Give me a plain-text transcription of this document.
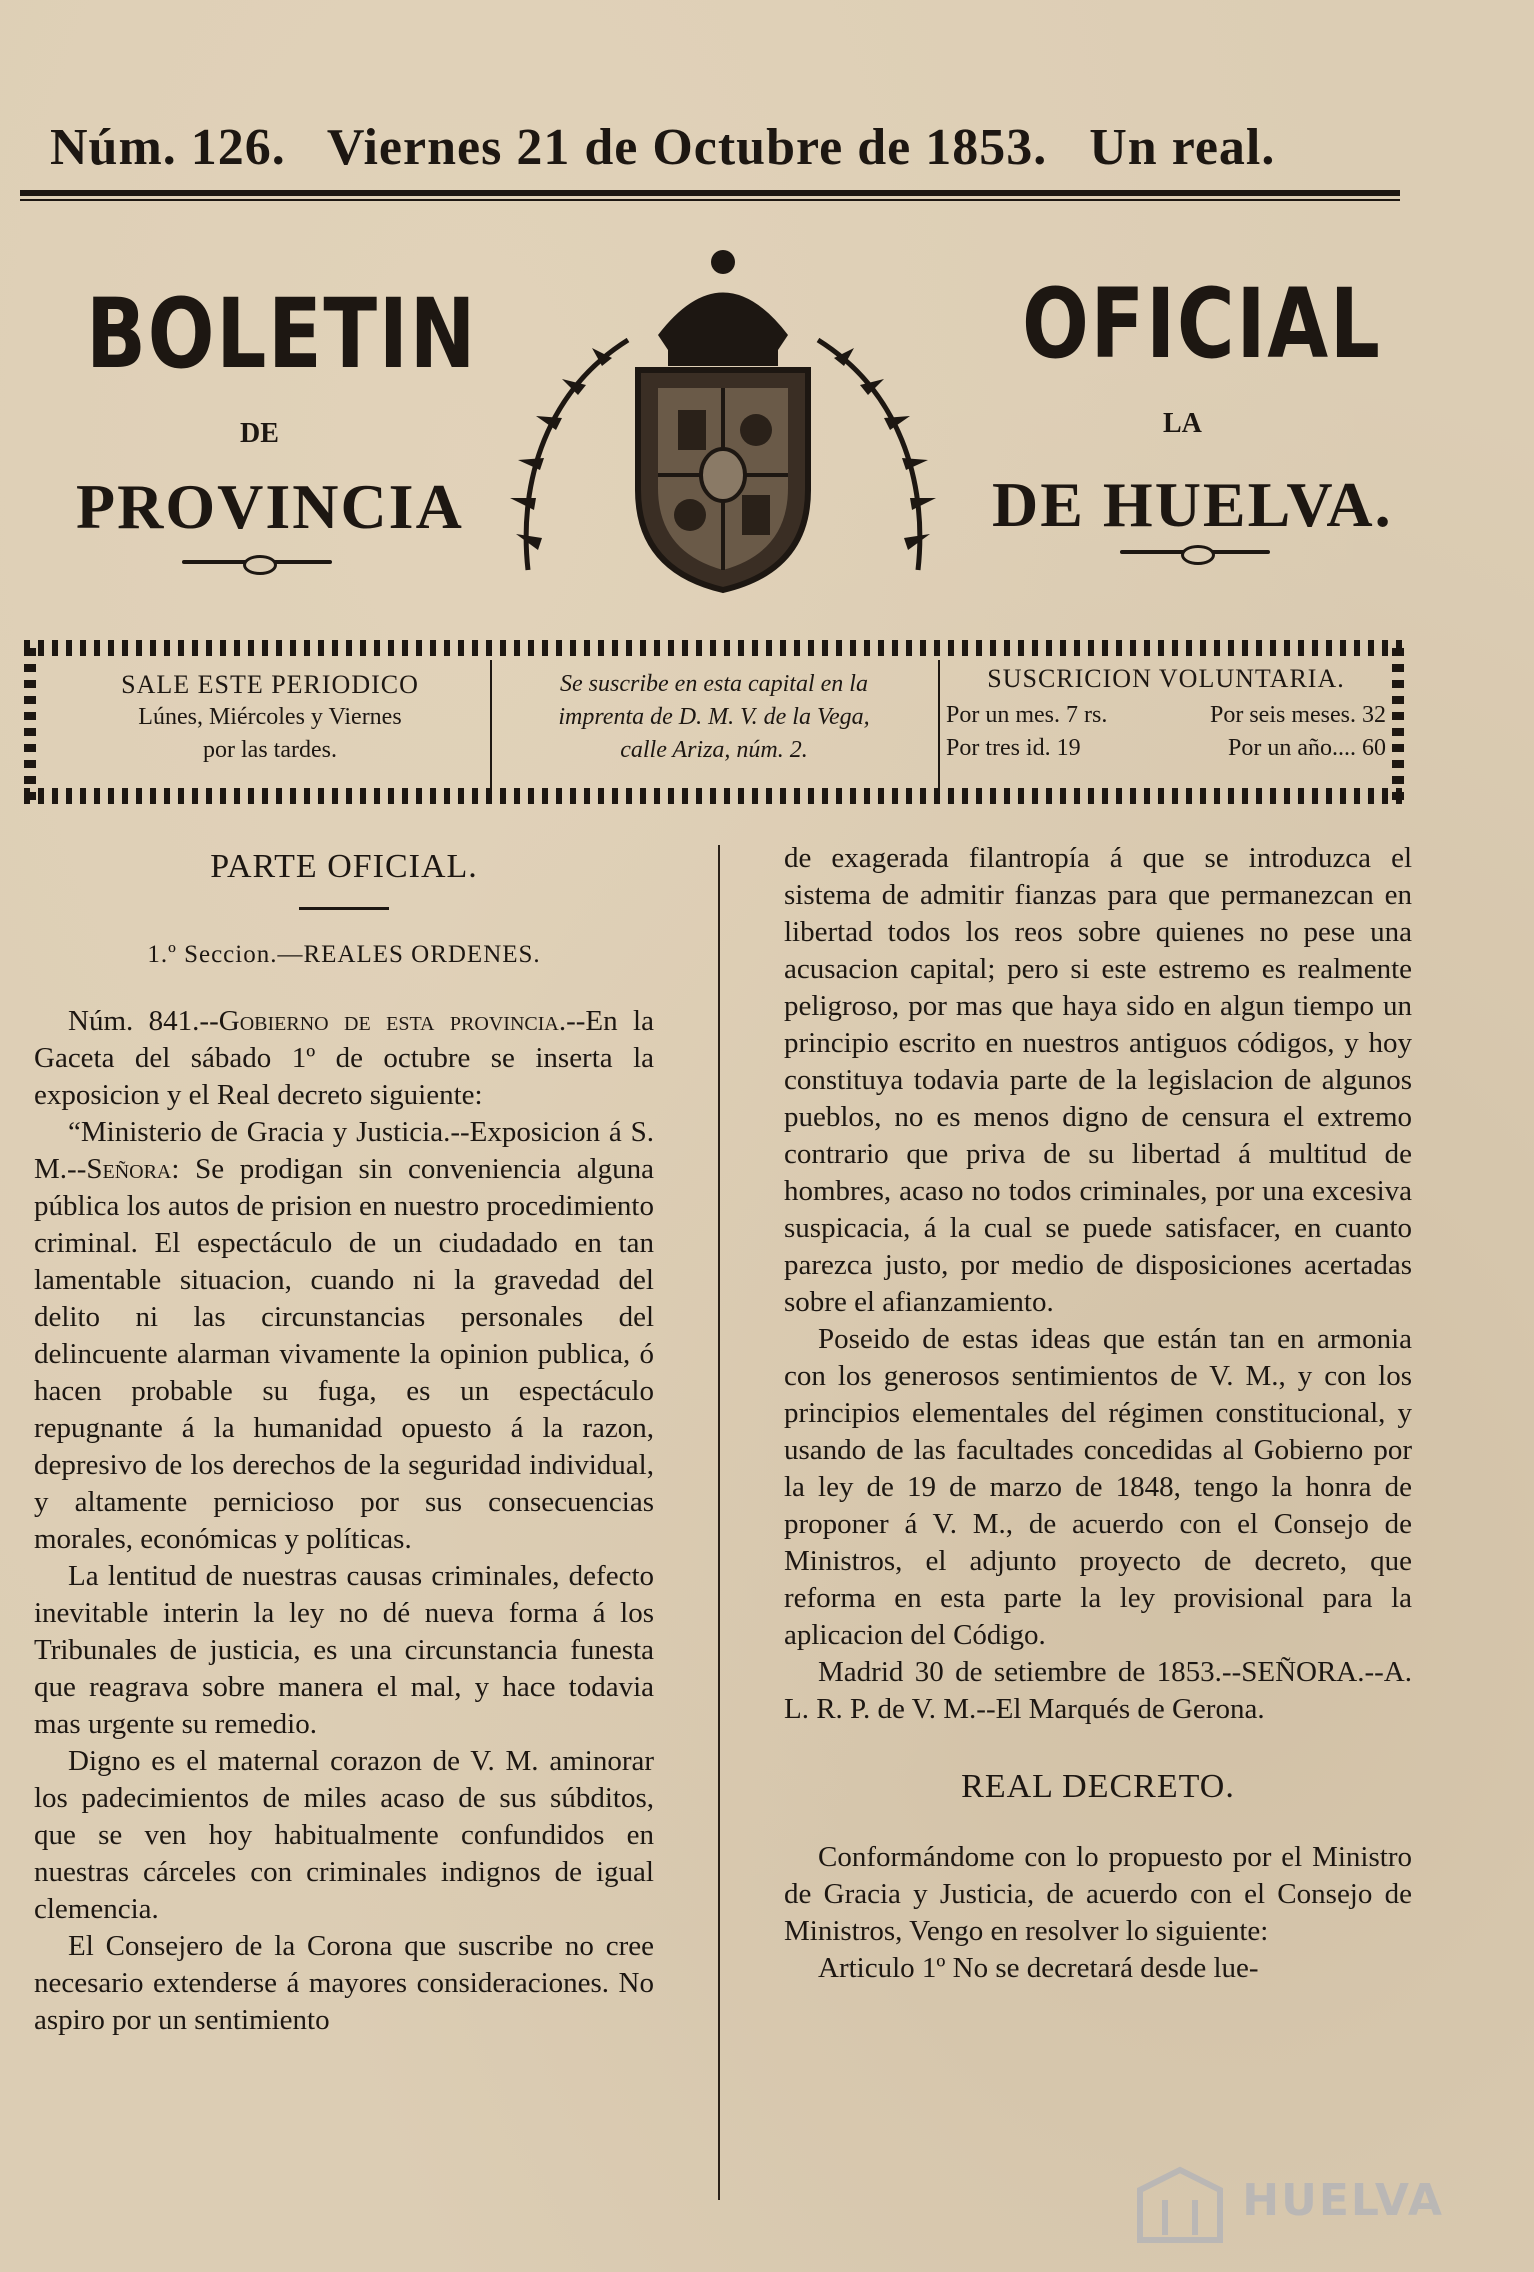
Núm. 126. Viernes 21 de Octubre de 1853. Un real.
BOLETIN
DE
PROVINCIA
OFICIAL
LA
DE HUELVA.
SALE ESTE PERIODICO
Lúnes, Miércoles y Viernes
por las tardes.
Se suscribe en esta capital en la
imprenta de D. M. V. de la Vega,
calle Ariza, núm. 2.
SUSCRICION VOLUNTARIA.
Por un mes. 7 rs.	Por seis meses. 32
Por tres id. 19	Por un año.... 60
PARTE OFICIAL.
1.º Seccion.—REALES ORDENES.

Núm. 841.--Gobierno de esta provincia.--En la Gaceta del sábado 1º de octubre se inserta la exposicion y el Real decreto siguiente:

“Ministerio de Gracia y Justicia.--Exposicion á S. M.--Señora: Se prodigan sin conveniencia alguna pública los autos de prision en nuestro procedimiento criminal. El espectáculo de un ciudadado en tan lamentable situacion, cuando ni la gravedad del delito ni las circunstancias personales del delincuente alarman vivamente la opinion publica, ó hacen probable su fuga, es un espectáculo repugnante á la humanidad opuesto á la razon, depresivo de los derechos de la seguridad individual, y altamente pernicioso por sus consecuencias morales, económicas y políticas.

La lentitud de nuestras causas criminales, defecto inevitable interin la ley no dé nueva forma á los Tribunales de justicia, es una circunstancia funesta que reagrava sobre manera el mal, y hace todavia mas urgente su remedio.

Digno es el maternal corazon de V. M. aminorar los padecimientos de miles acaso de sus súbditos, que se ven hoy habitualmente confundidos en nuestras cárceles con criminales indignos de igual clemencia.

El Consejero de la Corona que suscribe no cree necesario extenderse á mayores consideraciones. No aspiro por un sentimiento

de exagerada filantropía á que se introduzca el sistema de admitir fianzas para que permanezcan en libertad todos los reos sobre quienes no pese una acusacion capital; pero si este estremo es realmente peligroso, por mas que haya sido en algun tiempo un principio escrito en nuestros antiguos códigos, y hoy constituya todavia parte de la legislacion de algunos pueblos, no es menos digno de censura el extremo contrario que priva de su libertad á multitud de hombres, acaso no todos criminales, por una excesiva suspicacia, á la cual se puede satisfacer, en cuanto parezca justo, por medio de disposiciones acertadas sobre el afianzamiento.

Poseido de estas ideas que están tan en armonia con los generosos sentimientos de V. M., y con los principios elementales del régimen constitucional, y usando de las facultades concedidas al Gobierno por la ley de 19 de marzo de 1848, tengo la honra de proponer á V. M., de acuerdo con el Consejo de Ministros, el adjunto proyecto de decreto, que reforma en esta parte la ley provisional para la aplicacion del Código.

Madrid 30 de setiembre de 1853.--SEÑORA.--A. L. R. P. de V. M.--El Marqués de Gerona.

REAL DECRETO.

Conformándome con lo propuesto por el Ministro de Gracia y Justicia, de acuerdo con el Consejo de Ministros, Vengo en resolver lo siguiente:

Articulo 1º No se decretará desde lue-

HUELVA
